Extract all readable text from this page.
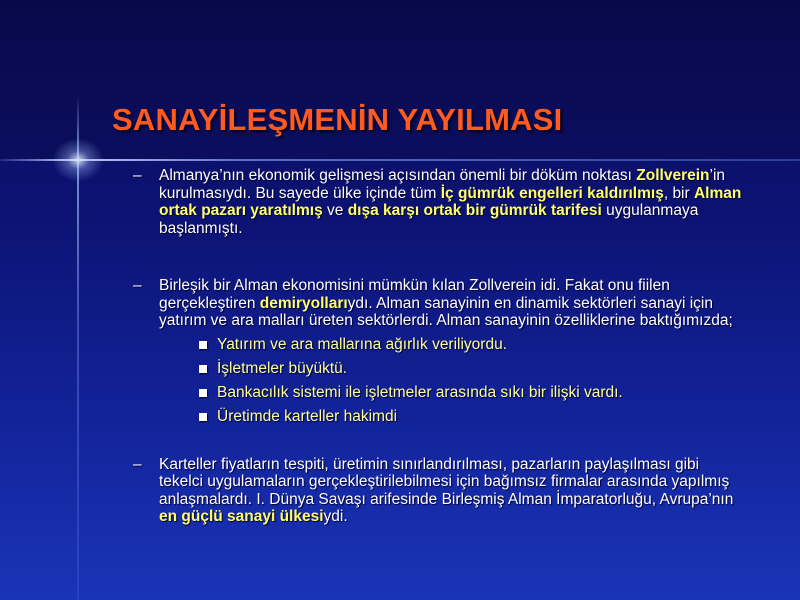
SANAYİLEŞMENİN YAYILMASI
– Almanya’nın ekonomik gelişmesi açısından önemli bir döküm noktası Zollverein’in kurulmasıydı. Bu sayede ülke içinde tüm İç gümrük engelleri kaldırılmış, bir Alman ortak pazarı yaratılmış ve dışa karşı ortak bir gümrük tarifesi uygulanmaya başlanmıştı.
– Birleşik bir Alman ekonomisini mümkün kılan Zollverein idi. Fakat onu fiilen gerçekleştiren demiryollarıydı. Alman sanayinin en dinamik sektörleri sanayi için yatırım ve ara malları üreten sektörlerdi. Alman sanayinin özelliklerine baktığımızda;
Yatırım ve ara mallarına ağırlık veriliyordu.
İşletmeler büyüktü.
Bankacılık sistemi ile işletmeler arasında sıkı bir ilişki vardı.
Üretimde karteller hakimdi
– Karteller fiyatların tespiti, üretimin sınırlandırılması, pazarların paylaşılması gibi tekelci uygulamaların gerçekleştirilebilmesi için bağımsız firmalar arasında yapılmış anlaşmalardı. I. Dünya Savaşı arifesinde Birleşmiş Alman İmparatorluğu, Avrupa’nın en güçlü sanayi ülkesiydi.
